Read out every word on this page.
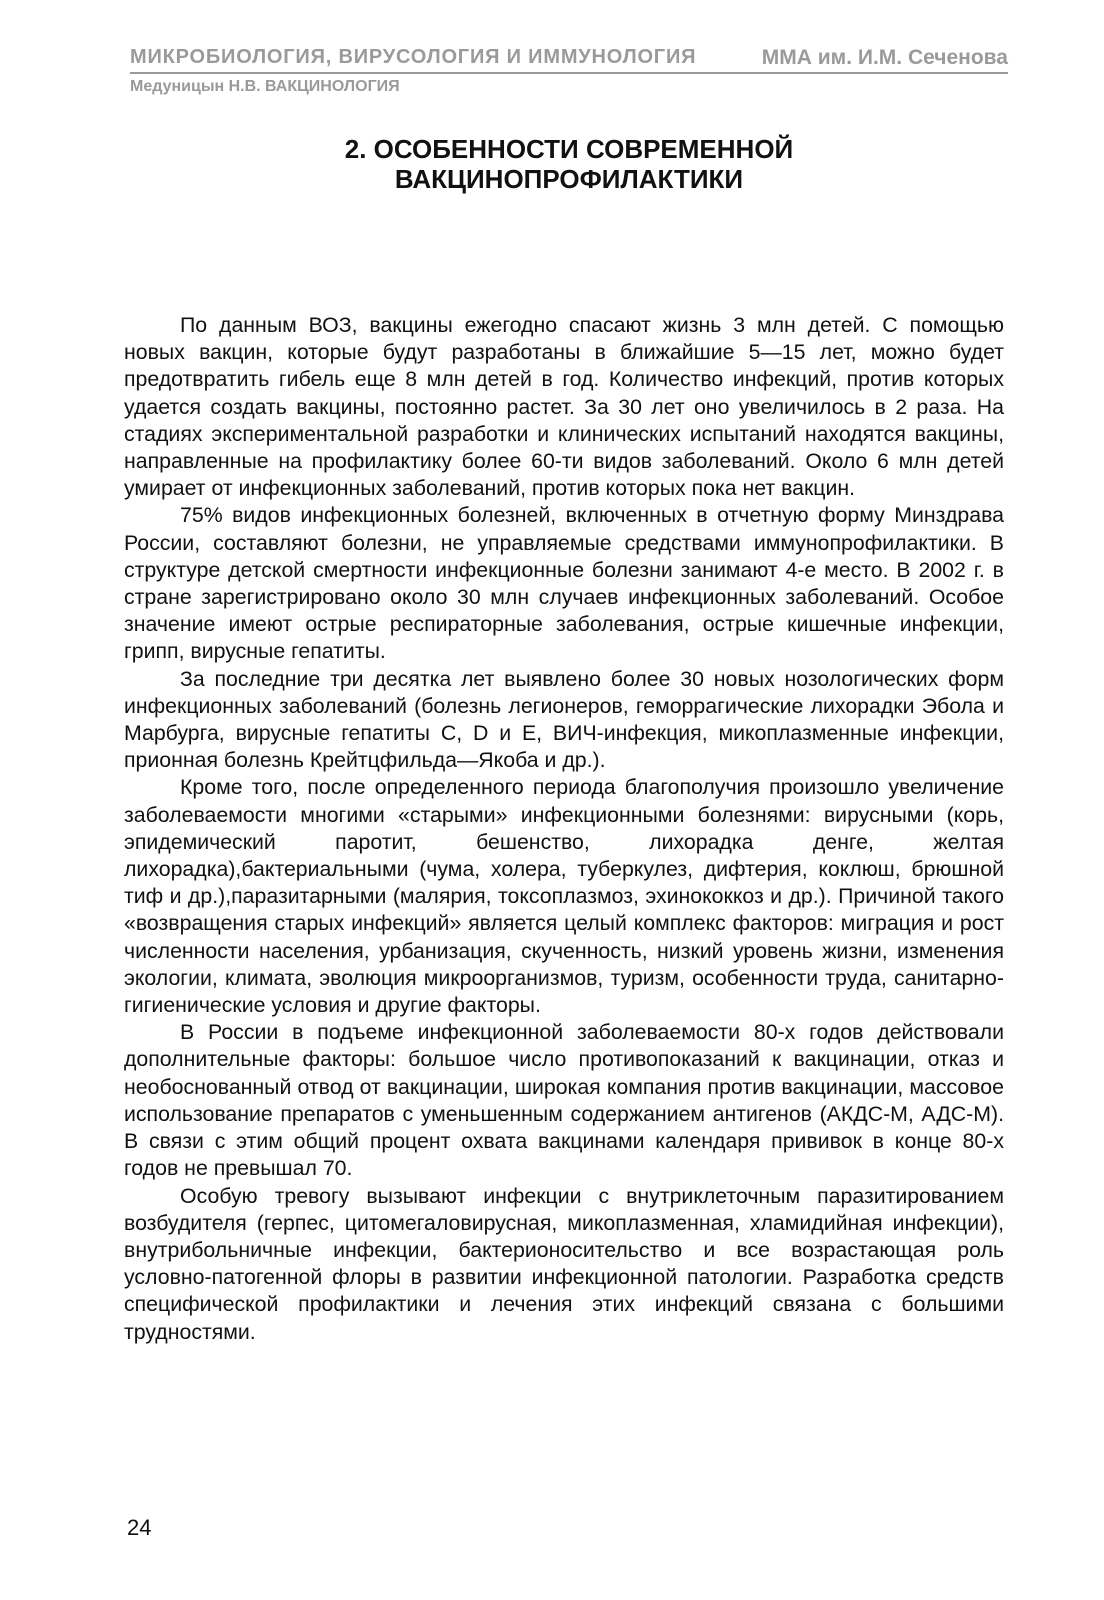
МИКРОБИОЛОГИЯ, ВИРУСОЛОГИЯ И ИММУНОЛОГИЯ	ММА им. И.М. Сеченова
Медуницын Н.В. ВАКЦИНОЛОГИЯ
2. ОСОБЕННОСТИ СОВРЕМЕННОЙ
ВАКЦИНОПРОФИЛАКТИКИ

По данным ВОЗ, вакцины ежегодно спасают жизнь 3 млн детей. С помощью новых вакцин, которые будут разработаны в ближайшие 5—15 лет, можно будет предотвратить гибель еще 8 млн детей в год. Количество инфекций, против которых удается создать вакцины, постоянно растет. За 30 лет оно увеличилось в 2 раза. На стадиях экспериментальной разработки и клинических испытаний находятся вакцины, направленные на профилактику более 60-ти видов заболеваний. Около 6 млн детей умирает от инфекционных заболеваний, против которых пока нет вакцин.

75% видов инфекционных болезней, включенных в отчетную форму Минздрава России, составляют болезни, не управляемые средствами иммунопрофилактики. В структуре детской смертности инфекционные болезни занимают 4-е место. В 2002 г. в стране зарегистрировано около 30 млн случаев инфекционных заболеваний. Особое значение имеют острые респираторные заболевания, острые кишечные инфекции, грипп, вирусные гепатиты.

За последние три десятка лет выявлено более 30 новых нозологических форм инфекционных заболеваний (болезнь легионеров, геморрагические лихорадки Эбола и Марбурга, вирусные гепатиты С, D и Е, ВИЧ-инфекция, микоплазменные инфекции, прионная болезнь Крейтцфильда—Якоба и др.).

Кроме того, после определенного периода благополучия произошло увеличение заболеваемости многими «старыми» инфекционными болезнями: вирусными (корь, эпидемический паротит, бешенство, лихорадка денге, желтая лихорадка),бактериальными (чума, холера, туберкулез, дифтерия, коклюш, брюшной тиф и др.),паразитарными (малярия, токсоплазмоз, эхинококкоз и др.). Причиной такого «возвращения старых инфекций» является целый комплекс факторов: миграция и рост численности населения, урбанизация, скученность, низкий уровень жизни, изменения экологии, климата, эволюция микроорганизмов, туризм, особенности труда, санитарно-гигиенические условия и другие факторы.

В России в подъеме инфекционной заболеваемости 80-х годов действовали дополнительные факторы: большое число противопоказаний к вакцинации, отказ и необоснованный отвод от вакцинации, широкая компания против вакцинации, массовое использование препаратов с уменьшенным содержанием антигенов (АКДС-М, АДС-М). В связи с этим общий процент охвата вакцинами календаря прививок в конце 80-х годов не превышал 70.

Особую тревогу вызывают инфекции с внутриклеточным паразитированием возбудителя (герпес, цитомегаловирусная, микоплазменная, хламидийная инфекции), внутрибольничные инфекции, бактерионосительство и все возрастающая роль условно-патогенной флоры в развитии инфекционной патологии. Разработка средств специфической профилактики и лечения этих инфекций связана с большими трудностями.

24
